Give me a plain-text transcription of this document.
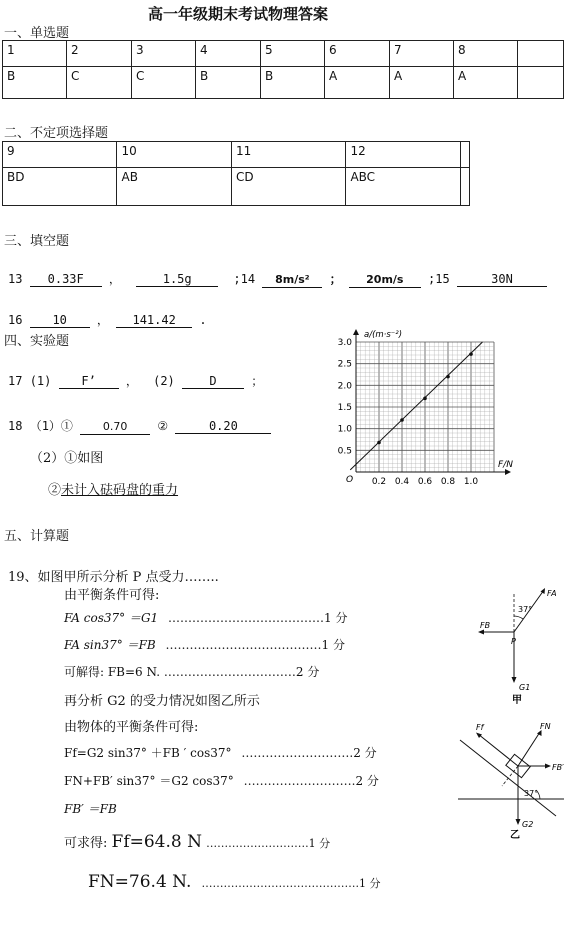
高一年级期末考试物理答案
一、单选题
1	2	3	4	5	6	7	8	
B	C	C	B	B	A	A	A	
二、不定项选择题
9	10	11	12	
BD	AB	CD	ABC	
三、填空题
13 0.33F ，	1.5g	;14 8m/s² ； 20m/s ;15	30N
16	10	， 141.42 .
四、实验题
17 (1)	F’	， (2)	D	；
18 （1）①	0.70 ②	0.20
（2）①如图
②未计入砝码盘的重力
F/N
a/(m·s⁻²)
O 0.2 0.4 0.6 0.8 1.0
0.5
1.0
1.5
2.0
2.5
3.0
五、计算题
19、如图甲所示分析 P 点受力……..
由平衡条件可得:
FA cos37° ＝G1 …………………………………1 分
FA sin37° ＝FB …………………………………1 分
可解得: FB=6 N. ……………………………2 分
再分析 G2 的受力情况如图乙所示
由物体的平衡条件可得:
Ff=G2 sin37° ＋FB ′ cos37° ……………………….2 分
FN+FB′ sin37° ＝G2 cos37° ……………………….2 分
FB′ ＝FB
可求得: Ff=64.8 N ……………………….1 分
FN=76.4 N. …………………………………….1 分
FA
FB
P
G1
37°
甲
Ff	FN
FB′
G2
37°
乙
